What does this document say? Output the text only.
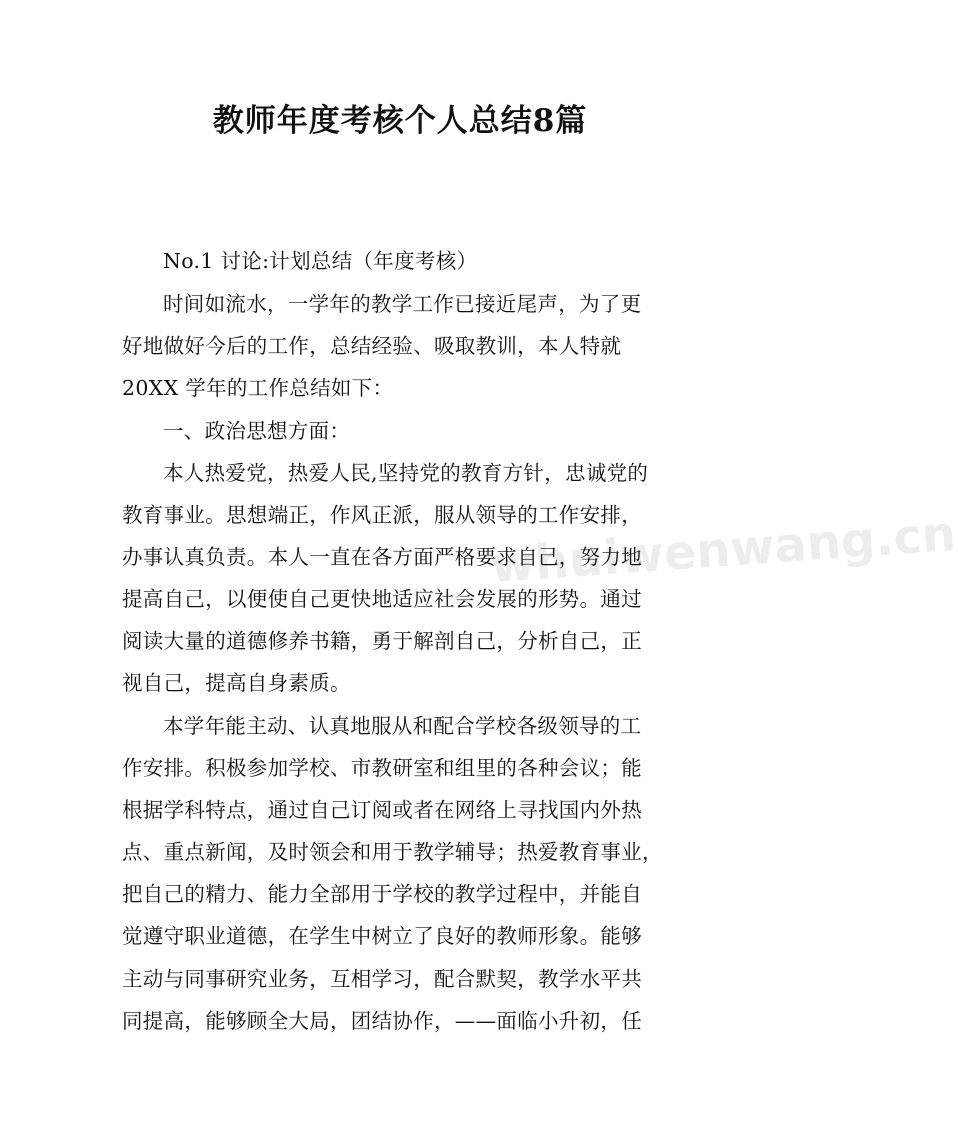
教师年度考核个人总结8篇
whuiwenwang.cn
No.1 讨论:计划总结（年度考核）
时间如流水，一学年的教学工作已接近尾声，为了更
好地做好今后的工作，总结经验、吸取教训，本人特就
20XX 学年的工作总结如下：
一、政治思想方面：
本人热爱党，热爱人民,坚持党的教育方针，忠诚党的
教育事业。思想端正，作风正派，服从领导的工作安排，
办事认真负责。本人一直在各方面严格要求自己，努力地
提高自己，以便使自己更快地适应社会发展的形势。通过
阅读大量的道德修养书籍，勇于解剖自己，分析自己，正
视自己，提高自身素质。
本学年能主动、认真地服从和配合学校各级领导的工
作安排。积极参加学校、市教研室和组里的各种会议；能
根据学科特点，通过自己订阅或者在网络上寻找国内外热
点、重点新闻，及时领会和用于教学辅导；热爱教育事业，
把自己的精力、能力全部用于学校的教学过程中，并能自
觉遵守职业道德，在学生中树立了良好的教师形象。能够
主动与同事研究业务，互相学习，配合默契，教学水平共
同提高，能够顾全大局，团结协作，——面临小升初，任
